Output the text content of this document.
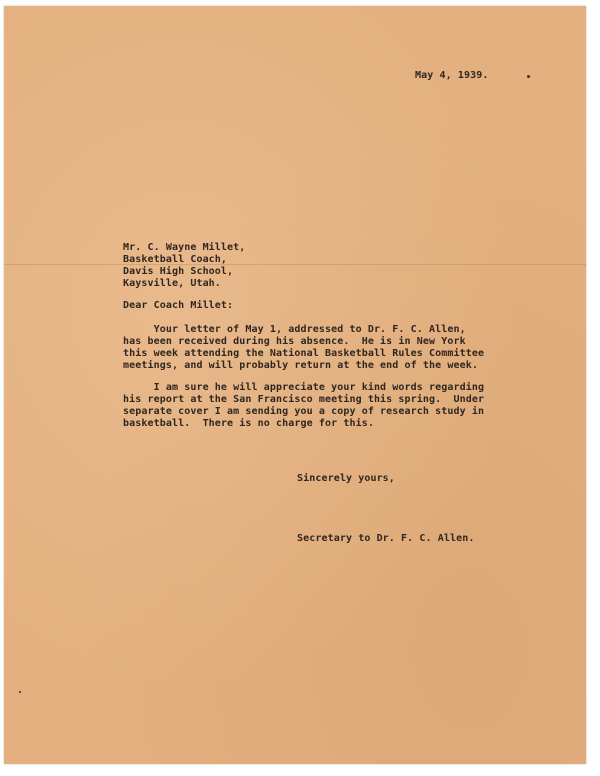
May 4, 1939.
Mr. C. Wayne Millet,
Basketball Coach,
Davis High School,
Kaysville, Utah.
Dear Coach Millet:
Your letter of May 1, addressed to Dr. F. C. Allen,
has been received during his absence.  He is in New York
this week attending the National Basketball Rules Committee
meetings, and will probably return at the end of the week.
I am sure he will appreciate your kind words regarding
his report at the San Francisco meeting this spring.  Under
separate cover I am sending you a copy of research study in
basketball.  There is no charge for this.
Sincerely yours,
Secretary to Dr. F. C. Allen.
